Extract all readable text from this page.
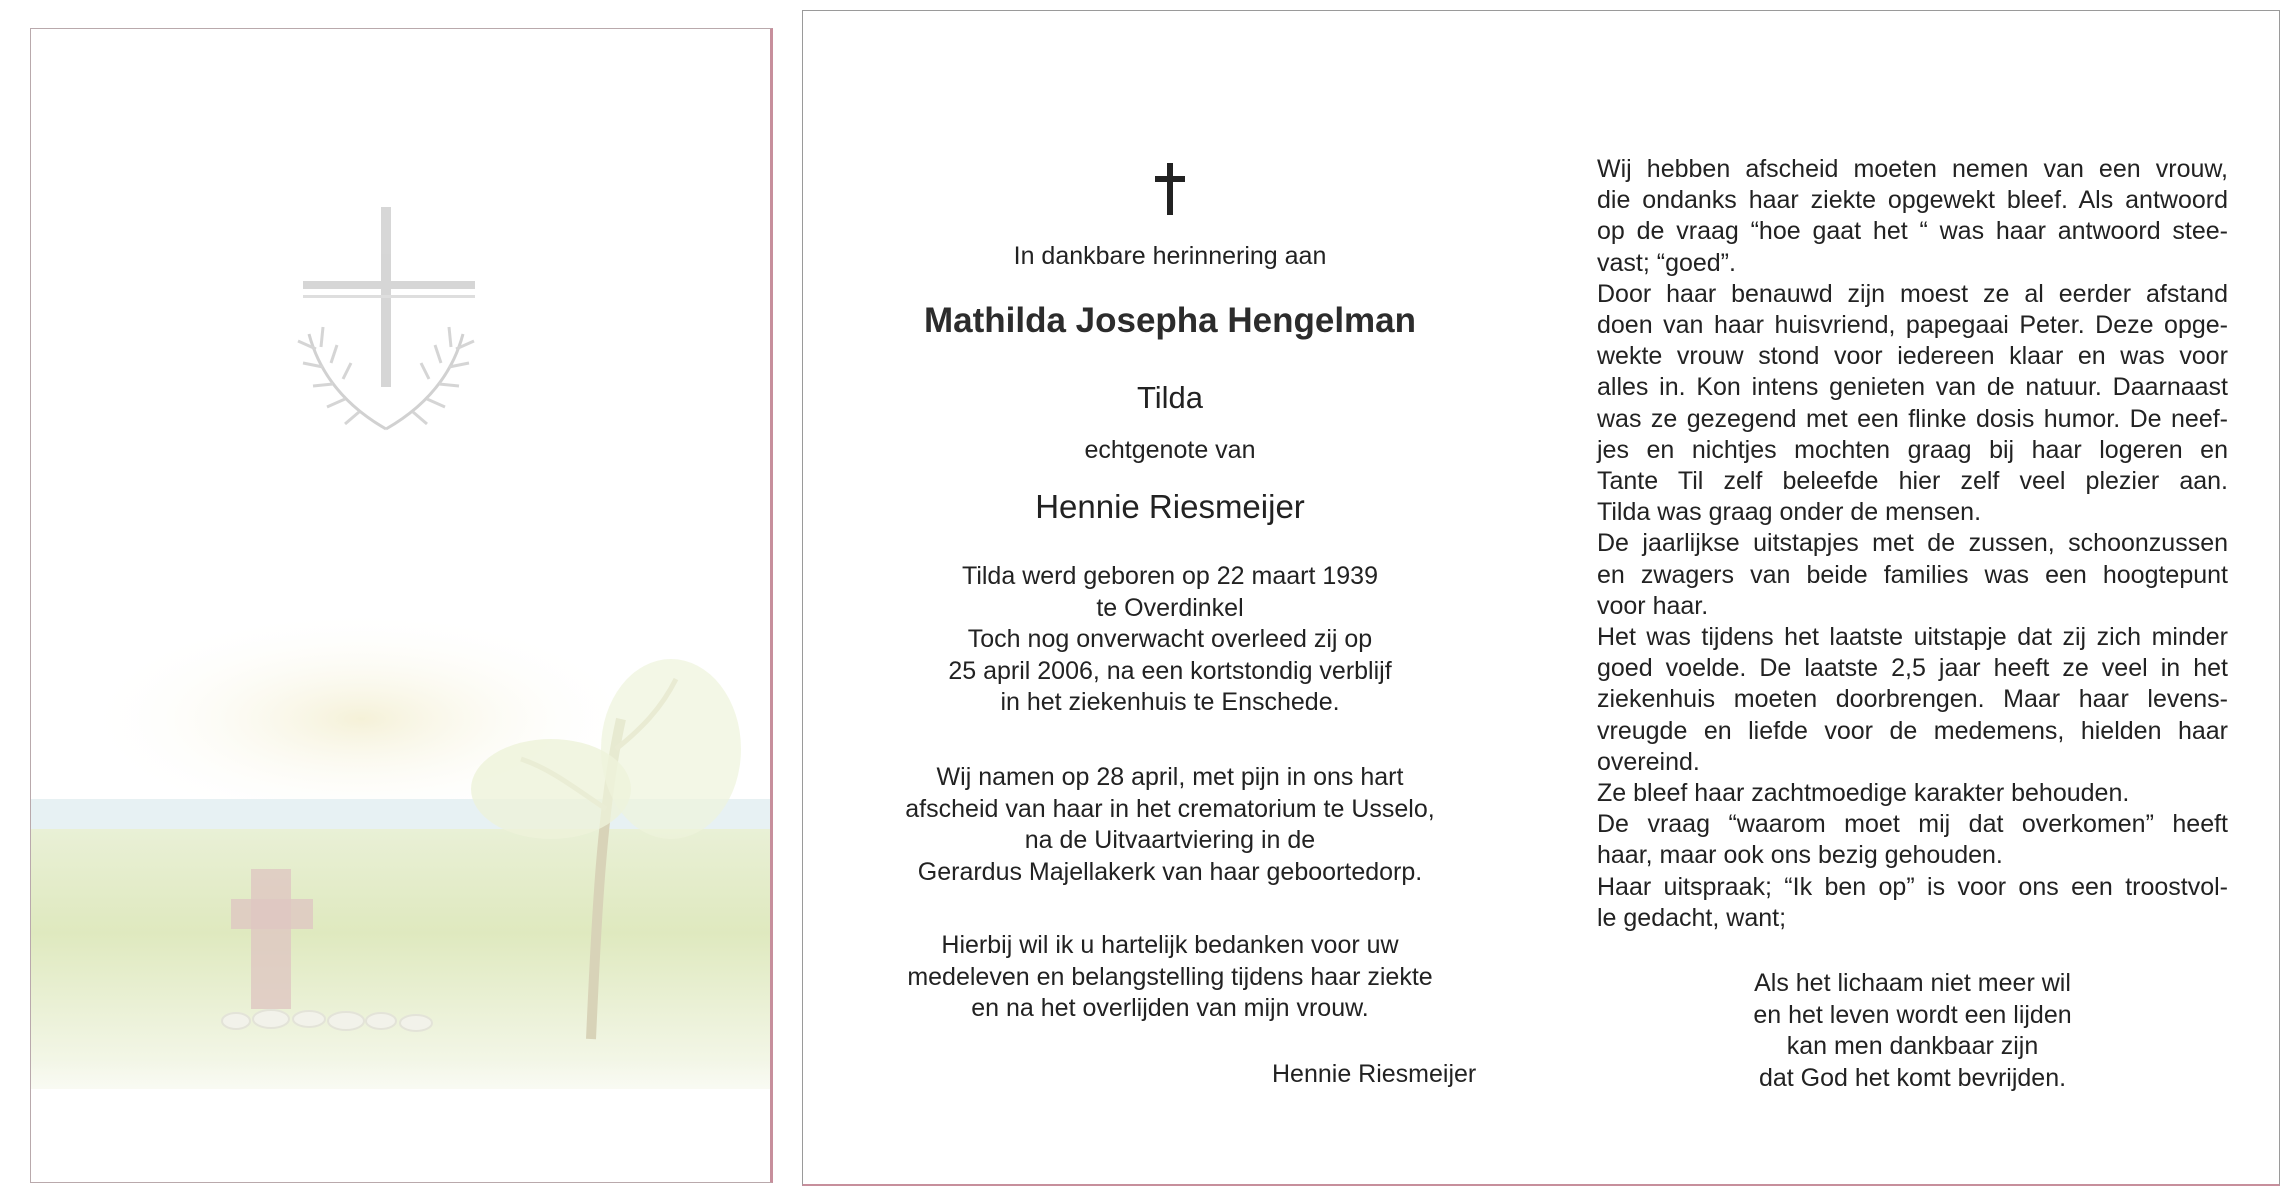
In dankbare herinnering aan
Mathilda Josepha Hengelman
Tilda
echtgenote van
Hennie Riesmeijer
Tilda werd geboren op 22 maart 1939
te Overdinkel
Toch nog onverwacht overleed zij op
25 april 2006, na een kortstondig verblijf
in het ziekenhuis te Enschede.
Wij namen op 28 april, met pijn in ons hart
afscheid van haar in het crematorium te Usselo,
na de Uitvaartviering in de
Gerardus Majellakerk van haar geboortedorp.
Hierbij wil ik u hartelijk bedanken voor uw
medeleven en belangstelling tijdens haar ziekte
en na het overlijden van mijn vrouw.
Hennie Riesmeijer

Wij hebben afscheid moeten nemen van een vrouw,

die ondanks haar ziekte opgewekt bleef. Als antwoord

op de vraag “hoe gaat het “ was haar antwoord stee-

vast; “goed”.

Door haar benauwd zijn moest ze al eerder afstand

doen van haar huisvriend, papegaai Peter. Deze opge-

wekte vrouw stond voor iedereen klaar en was voor

alles in. Kon intens genieten van de natuur. Daarnaast

was ze gezegend met een flinke dosis humor. De neef-

jes en nichtjes mochten graag bij haar logeren en

Tante Til zelf beleefde hier zelf veel plezier aan.

Tilda was graag onder de mensen.

De jaarlijkse uitstapjes met de zussen, schoonzussen

en zwagers van beide families was een hoogtepunt

voor haar.

Het was tijdens het laatste uitstapje dat zij zich minder

goed voelde. De laatste 2,5 jaar heeft ze veel in het

ziekenhuis moeten doorbrengen. Maar haar levens-

vreugde en liefde voor de medemens, hielden haar

overeind.

Ze bleef haar zachtmoedige karakter behouden.

De vraag “waarom moet mij dat overkomen” heeft

haar, maar ook ons bezig gehouden.

Haar uitspraak; “Ik ben op” is voor ons een troostvol-

le gedacht, want;

Als het lichaam niet meer wil

en het leven wordt een lijden

kan men dankbaar zijn

dat God het komt bevrijden.
